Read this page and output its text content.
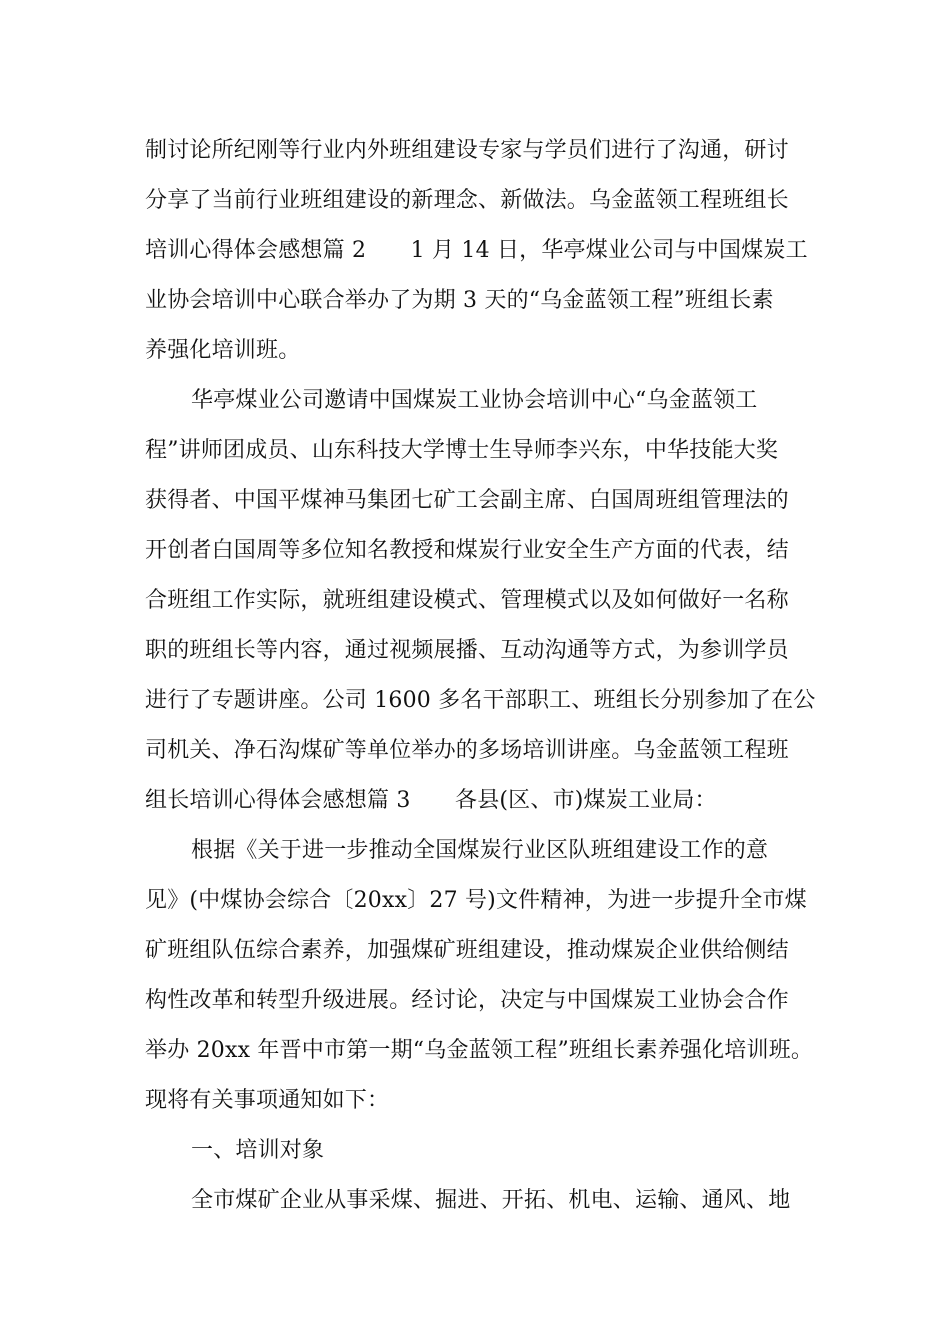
制讨论所纪刚等行业内外班组建设专家与学员们进行了沟通，研讨
分享了当前行业班组建设的新理念、新做法。乌金蓝领工程班组长
培训心得体会感想篇 2　　1 月 14 日，华亭煤业公司与中国煤炭工
业协会培训中心联合举办了为期 3 天的“乌金蓝领工程”班组长素
养强化培训班。
华亭煤业公司邀请中国煤炭工业协会培训中心“乌金蓝领工
程”讲师团成员、山东科技大学博士生导师李兴东，中华技能大奖
获得者、中国平煤神马集团七矿工会副主席、白国周班组管理法的
开创者白国周等多位知名教授和煤炭行业安全生产方面的代表，结
合班组工作实际，就班组建设模式、管理模式以及如何做好一名称
职的班组长等内容，通过视频展播、互动沟通等方式，为参训学员
进行了专题讲座。公司 1600 多名干部职工、班组长分别参加了在公
司机关、净石沟煤矿等单位举办的多场培训讲座。乌金蓝领工程班
组长培训心得体会感想篇 3　　各县(区、市)煤炭工业局：
根据《关于进一步推动全国煤炭行业区队班组建设工作的意
见》(中煤协会综合〔20xx〕27 号)文件精神，为进一步提升全市煤
矿班组队伍综合素养，加强煤矿班组建设，推动煤炭企业供给侧结
构性改革和转型升级进展。经讨论，决定与中国煤炭工业协会合作
举办 20xx 年晋中市第一期“乌金蓝领工程”班组长素养强化培训班。
现将有关事项通知如下：
一、培训对象
全市煤矿企业从事采煤、掘进、开拓、机电、运输、通风、地
